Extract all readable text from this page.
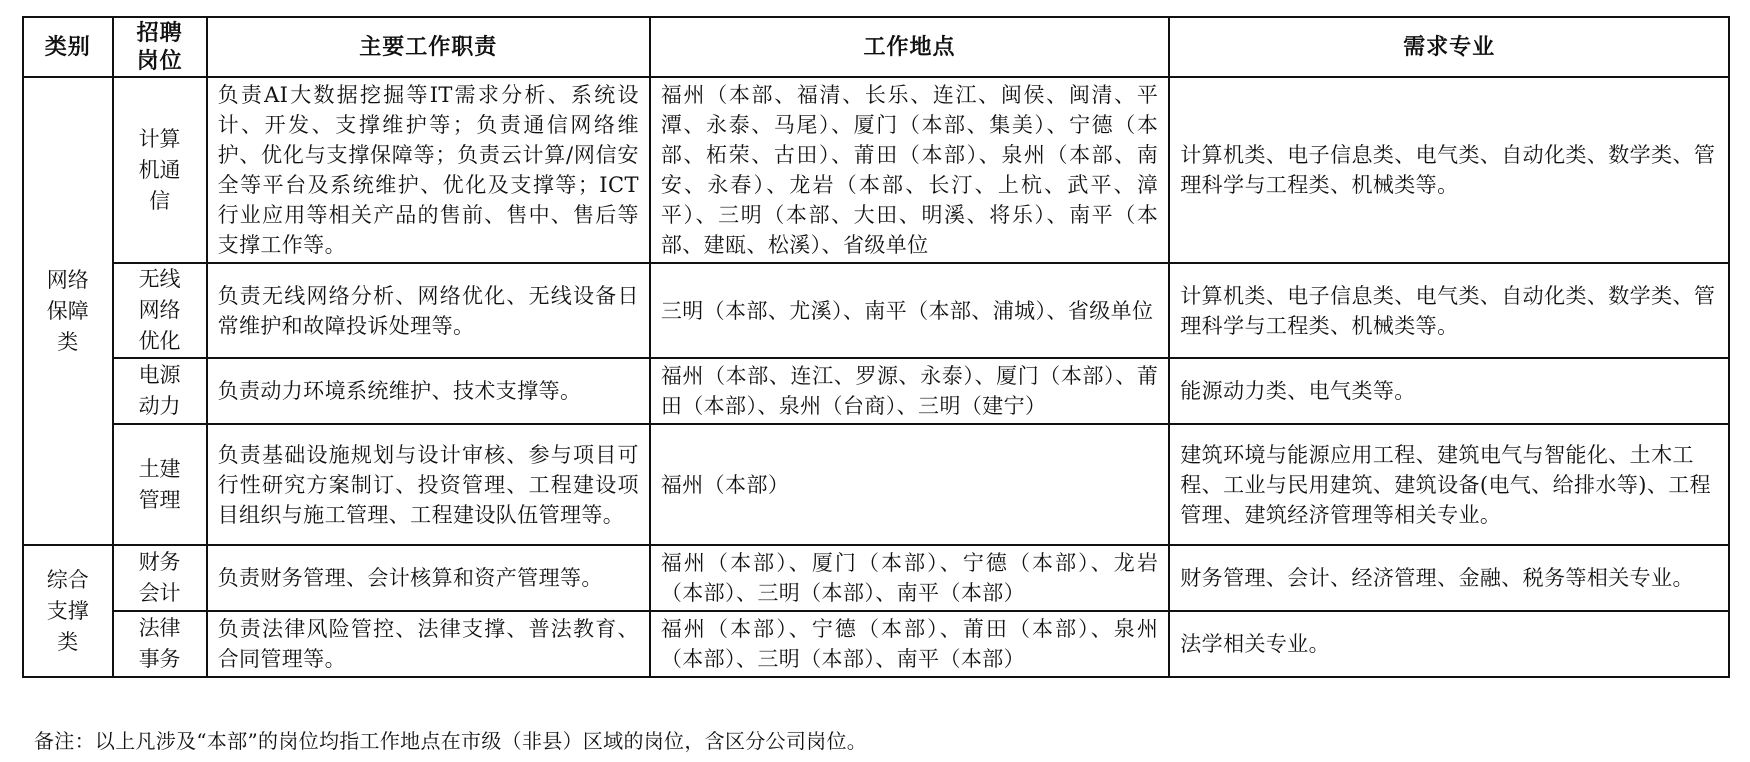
类别	招聘岗位	主要工作职责	工作地点	需求专业
网络保障类	计算机通信	负责AI大数据挖掘等IT需求分析、系统设计、开发、支撑维护等；负责通信网络维护、优化与支撑保障等；负责云计算/网信安全等平台及系统维护、优化及支撑等；ICT行业应用等相关产品的售前、售中、售后等支撑工作等。	福州（本部、福清、长乐、连江、闽侯、闽清、平潭、永泰、马尾）、厦门（本部、集美）、宁德（本部、柘荣、古田）、莆田（本部）、泉州（本部、南安、永春）、龙岩（本部、长汀、上杭、武平、漳平）、三明（本部、大田、明溪、将乐）、南平（本部、建瓯、松溪）、省级单位	计算机类、电子信息类、电气类、自动化类、数学类、管理科学与工程类、机械类等。
	无线网络优化	负责无线网络分析、网络优化、无线设备日常维护和故障投诉处理等。	三明（本部、尤溪）、南平（本部、浦城）、省级单位	计算机类、电子信息类、电气类、自动化类、数学类、管理科学与工程类、机械类等。
	电源动力	负责动力环境系统维护、技术支撑等。	福州（本部、连江、罗源、永泰）、厦门（本部）、莆田（本部）、泉州（台商）、三明（建宁）	能源动力类、电气类等。
	土建管理	负责基础设施规划与设计审核、参与项目可行性研究方案制订、投资管理、工程建设项目组织与施工管理、工程建设队伍管理等。	福州（本部）	建筑环境与能源应用工程、建筑电气与智能化、土木工程、工业与民用建筑、建筑设备(电气、给排水等)、工程管理、建筑经济管理等相关专业。
综合支撑类	财务会计	负责财务管理、会计核算和资产管理等。	福州（本部）、厦门（本部）、宁德（本部）、龙岩（本部）、三明（本部）、南平（本部）	财务管理、会计、经济管理、金融、税务等相关专业。
	法律事务	负责法律风险管控、法律支撑、普法教育、合同管理等。	福州（本部）、宁德（本部）、莆田（本部）、泉州（本部）、三明（本部）、南平（本部）	法学相关专业。
备注：以上凡涉及“本部”的岗位均指工作地点在市级（非县）区域的岗位，含区分公司岗位。
